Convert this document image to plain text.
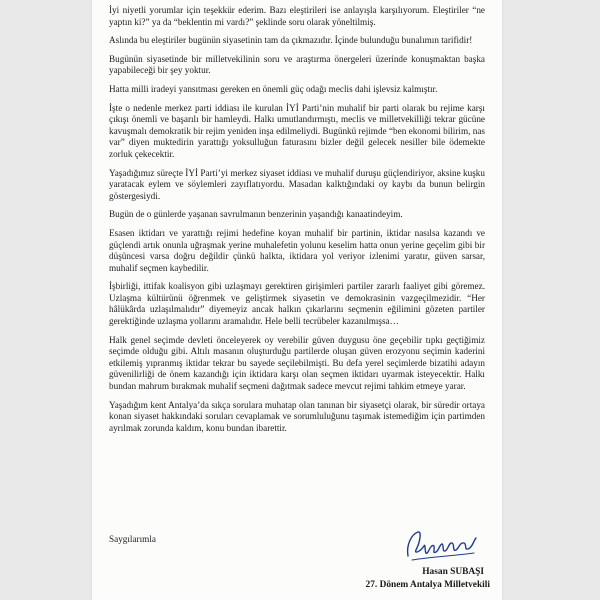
İyi niyetli yorumlar için teşekkür ederim. Bazı eleştirileri ise anlayışla karşılıyorum. Eleştiriler “ne yaptın ki?” ya da “beklentin mi vardı?” şeklinde soru olarak yöneltilmiş.

Aslında bu eleştiriler bugünün siyasetinin tam da çıkmazıdır. İçinde bulunduğu bunalımın tarifidir!

Bugünün siyasetinde bir milletvekilinin soru ve araştırma önergeleri üzerinde konuşmaktan başka yapabileceği bir şey yoktur.

Hatta milli iradeyi yansıtması gereken en önemli güç odağı meclis dahi işlevsiz kalmıştır.

İşte o nedenle merkez parti iddiası ile kurulan İYİ Parti’nin muhalif bir parti olarak bu rejime karşı çıkışı önemli ve başarılı bir hamleydi. Halkı umutlandırmıştı, meclis ve milletvekilliği tekrar gücüne kavuşmalı demokratik bir rejim yeniden inşa edilmeliydi. Bugünkü rejimde “ben ekonomi bilirim, nas var” diyen muktedirin yarattığı yoksulluğun faturasını bizler değil gelecek nesiller bile ödemekte zorluk çekecektir.

Yaşadığımız süreçte İYİ Parti’yi merkez siyaset iddiası ve muhalif duruşu güçlendiriyor, aksine kuşku yaratacak eylem ve söylemleri zayıflatıyordu. Masadan kalktığındaki oy kaybı da bunun belirgin göstergesiydi.

Bugün de o günlerde yaşanan savrulmanın benzerinin yaşandığı kanaatindeyim.

Esasen iktidarı ve yarattığı rejimi hedefine koyan muhalif bir partinin, iktidar nasılsa kazandı ve güçlendi artık onunla uğraşmak yerine muhalefetin yolunu keselim hatta onun yerine geçelim gibi bir düşüncesi varsa doğru değildir çünkü halkta, iktidara yol veriyor izlenimi yaratır, güven sarsar, muhalif seçmen kaybedilir.

İşbirliği, ittifak koalisyon gibi uzlaşmayı gerektiren girişimleri partiler zararlı faaliyet gibi göremez. Uzlaşma kültürünü öğrenmek ve geliştirmek siyasetin ve demokrasinin vazgeçilmezidir. “Her hâlükârda uzlaşılmalıdır” diyemeyiz ancak halkın çıkarlarını seçmenin eğilimini gözeten partiler gerektiğinde uzlaşma yollarını aramalıdır. Hele belli tecrübeler kazanılmışsa…

Halk genel seçimde devleti önceleyerek oy verebilir güven duygusu öne geçebilir tıpkı geçtiğimiz seçimde olduğu gibi. Altılı masanın oluşturduğu partilerde oluşan güven erozyonu seçimin kaderini etkilemiş yıpranmış iktidar tekrar bu sayede seçilebilmişti. Bu defa yerel seçimlerde bizatihi adayın güvenilirliği de önem kazandığı için iktidara karşı olan seçmen iktidarı uyarmak isteyecektir. Halkı bundan mahrum bırakmak muhalif seçmeni dağıtmak sadece mevcut rejimi tahkim etmeye yarar.

Yaşadığım kent Antalya’da sıkça sorulara muhatap olan tanınan bir siyasetçi olarak, bir süredir ortaya konan siyaset hakkındaki soruları cevaplamak ve sorumluluğunu taşımak istemediğim için partimden ayrılmak zorunda kaldım, konu bundan ibarettir.

Saygılarımla
Hasan SUBAŞI
27. Dönem Antalya Milletvekili
